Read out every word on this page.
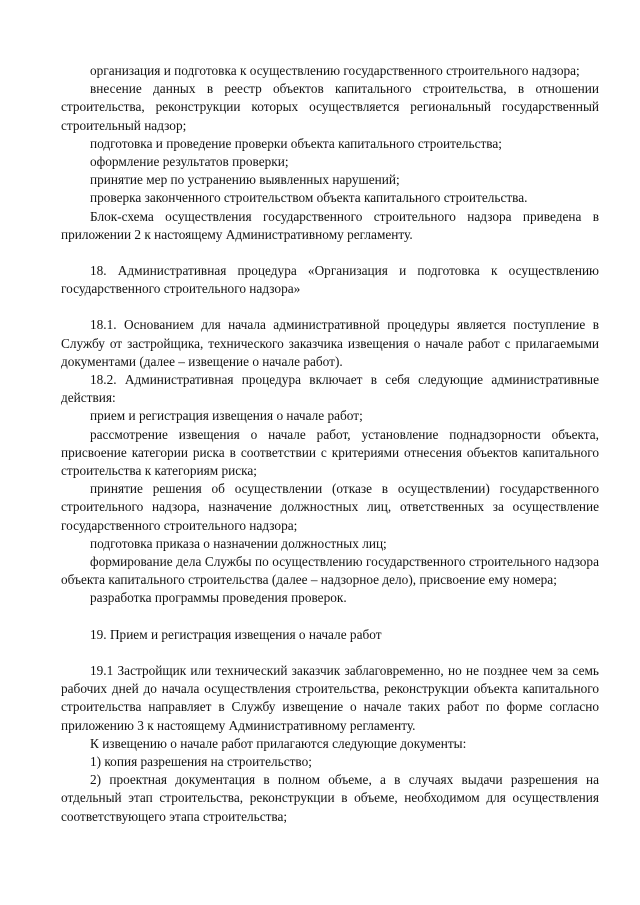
организация и подготовка к осуществлению государственного строительного надзора;

внесение данных в реестр объектов капитального строительства, в отношении строительства, реконструкции которых осуществляется региональный государственный строительный надзор;

подготовка и проведение проверки объекта капитального строительства;

оформление результатов проверки;

принятие мер по устранению выявленных нарушений;

проверка законченного строительством объекта капитального строительства.

Блок-схема осуществления государственного строительного надзора приведена в приложении 2 к настоящему Административному регламенту.

18. Административная процедура «Организация и подготовка к осуществлению государственного строительного надзора»

18.1. Основанием для начала административной процедуры является поступление в Службу от застройщика, технического заказчика извещения о начале работ с прилагаемыми документами (далее – извещение о начале работ).

18.2. Административная процедура включает в себя следующие административные действия:

прием и регистрация извещения о начале работ;

рассмотрение извещения о начале работ, установление поднадзорности объекта, присвоение категории риска в соответствии с критериями отнесения объектов капитального строительства к категориям риска;

принятие решения об осуществлении (отказе в осуществлении) государственного строительного надзора, назначение должностных лиц, ответственных за осуществление государственного строительного надзора;

подготовка приказа о назначении должностных лиц;

формирование дела Службы по осуществлению государственного строительного надзора объекта капитального строительства (далее – надзорное дело), присвоение ему номера;

разработка программы проведения проверок.

19. Прием и регистрация извещения о начале работ

19.1 Застройщик или технический заказчик заблаговременно, но не позднее чем за семь рабочих дней до начала осуществления строительства, реконструкции объекта капитального строительства направляет в Службу извещение о начале таких работ по форме согласно приложению 3 к настоящему Административному регламенту.

К извещению о начале работ прилагаются следующие документы:

1) копия разрешения на строительство;

2) проектная документация в полном объеме, а в случаях выдачи разрешения на отдельный этап строительства, реконструкции в объеме, необходимом для осуществления соответствующего этапа строительства;
